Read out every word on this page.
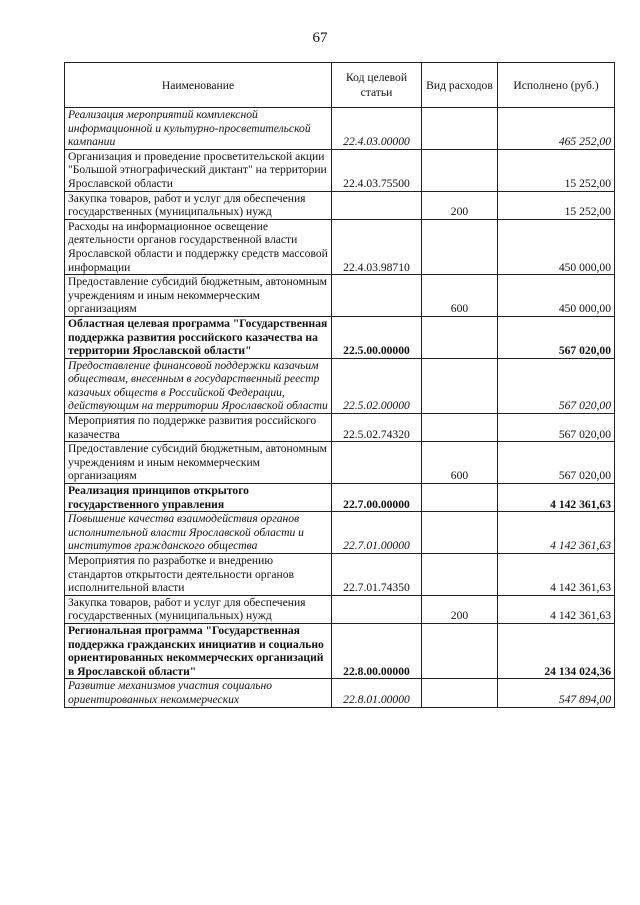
67
Наименование	Код целевой статьи	Вид расходов	Исполнено (руб.)
Реализация мероприятий комплексной информационной и культурно-просветительской кампании	22.4.03.00000		465 252,00
Организация и проведение просветительской акции "Большой этнографический диктант" на территории Ярославской области	22.4.03.75500		15 252,00
Закупка товаров, работ и услуг для обеспечения государственных (муниципальных) нужд		200	15 252,00
Расходы на информационное освещение деятельности органов государственной власти Ярославской области и поддержку средств массовой информации	22.4.03.98710		450 000,00
Предоставление субсидий бюджетным, автономным учреждениям и иным некоммерческим организациям		600	450 000,00
Областная целевая программа "Государственная поддержка развития российского казачества на территории Ярославской области"	22.5.00.00000		567 020,00
Предоставление финансовой поддержки казачьим обществам, внесенным в государственный реестр казачьих обществ в Российской Федерации, действующим на территории Ярославской области	22.5.02.00000		567 020,00
Мероприятия по поддержке развития российского казачества	22.5.02.74320		567 020,00
Предоставление субсидий бюджетным, автономным учреждениям и иным некоммерческим организациям		600	567 020,00
Реализация принципов открытого государственного управления	22.7.00.00000		4 142 361,63
Повышение качества взаимодействия органов исполнительной власти Ярославской области и институтов гражданского общества	22.7.01.00000		4 142 361,63
Мероприятия по разработке и внедрению стандартов открытости деятельности органов исполнительной власти	22.7.01.74350		4 142 361,63
Закупка товаров, работ и услуг для обеспечения государственных (муниципальных) нужд		200	4 142 361,63
Региональная программа "Государственная поддержка гражданских инициатив и социально ориентированных некоммерческих организаций в Ярославской области"	22.8.00.00000		24 134 024,36
Развитие механизмов участия социально ориентированных некоммерческих	22.8.01.00000		547 894,00
